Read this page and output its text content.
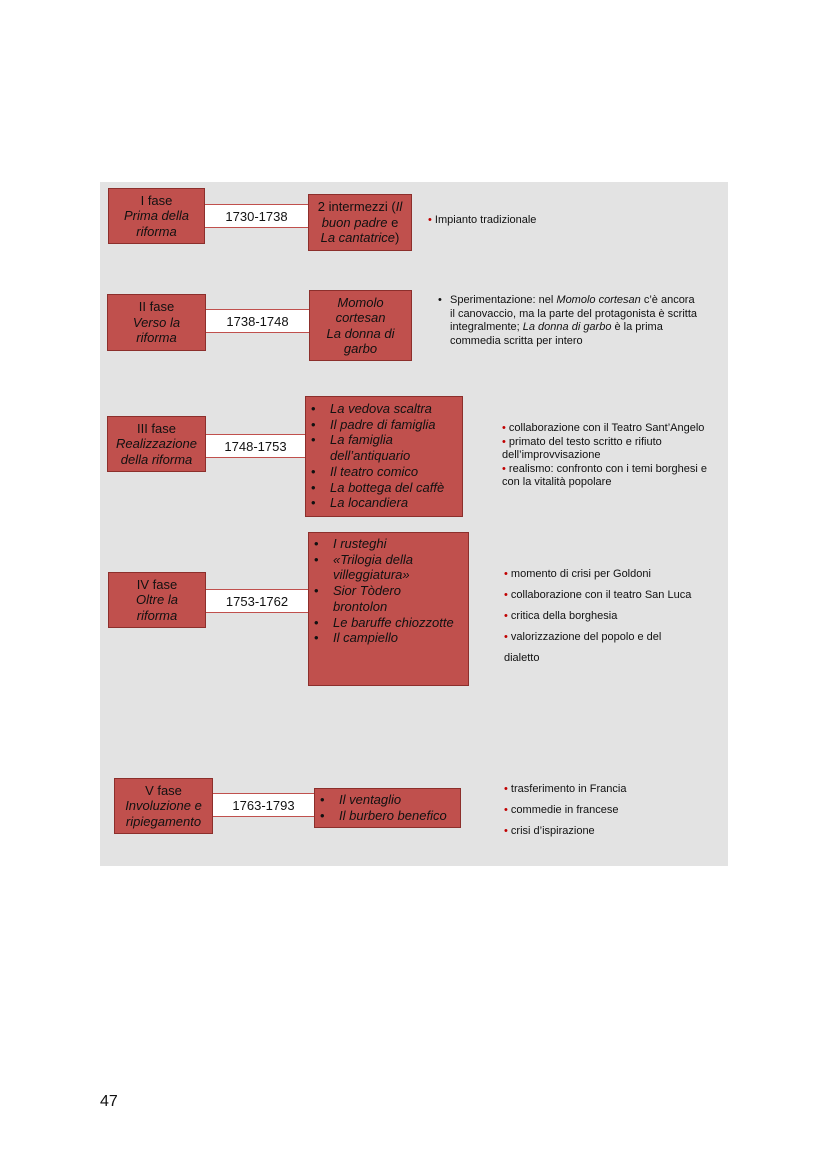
I fase
Prima della
riforma
1730-1738
2 intermezzi (Il
buon padre e
La cantatrice)
• Impianto tradizionale
II fase
Verso la
riforma
1738-1748
Momolo
cortesan
La donna di
garbo
• Sperimentazione: nel Momolo cortesan c’è ancora
il canovaccio, ma la parte del protagonista è scritta
integralmente; La donna di garbo è la prima
commedia scritta per intero
III fase
Realizzazione
della riforma
1748-1753
• La vedova scaltra
• Il padre di famiglia
• La famiglia
dell’antiquario
• Il teatro comico
• La bottega del caffè
• La locandiera
• collaborazione con il Teatro Sant’Angelo
• primato del testo scritto e rifiuto
dell’improvvisazione
• realismo: confronto con i temi borghesi e
con la vitalità popolare
IV fase
Oltre la
riforma
1753-1762
• I rusteghi
• «Trilogia della
villeggiatura»
• Sior Tòdero
brontolon
• Le baruffe chiozzotte
• Il campiello
• momento di crisi per Goldoni
• collaborazione con il teatro San Luca
• critica della borghesia
• valorizzazione del popolo e del
dialetto
V fase
Involuzione e
ripiegamento
1763-1793
•	Il ventaglio
• Il burbero benefico
• trasferimento in Francia
• commedie in francese
• crisi d’ispirazione
47
